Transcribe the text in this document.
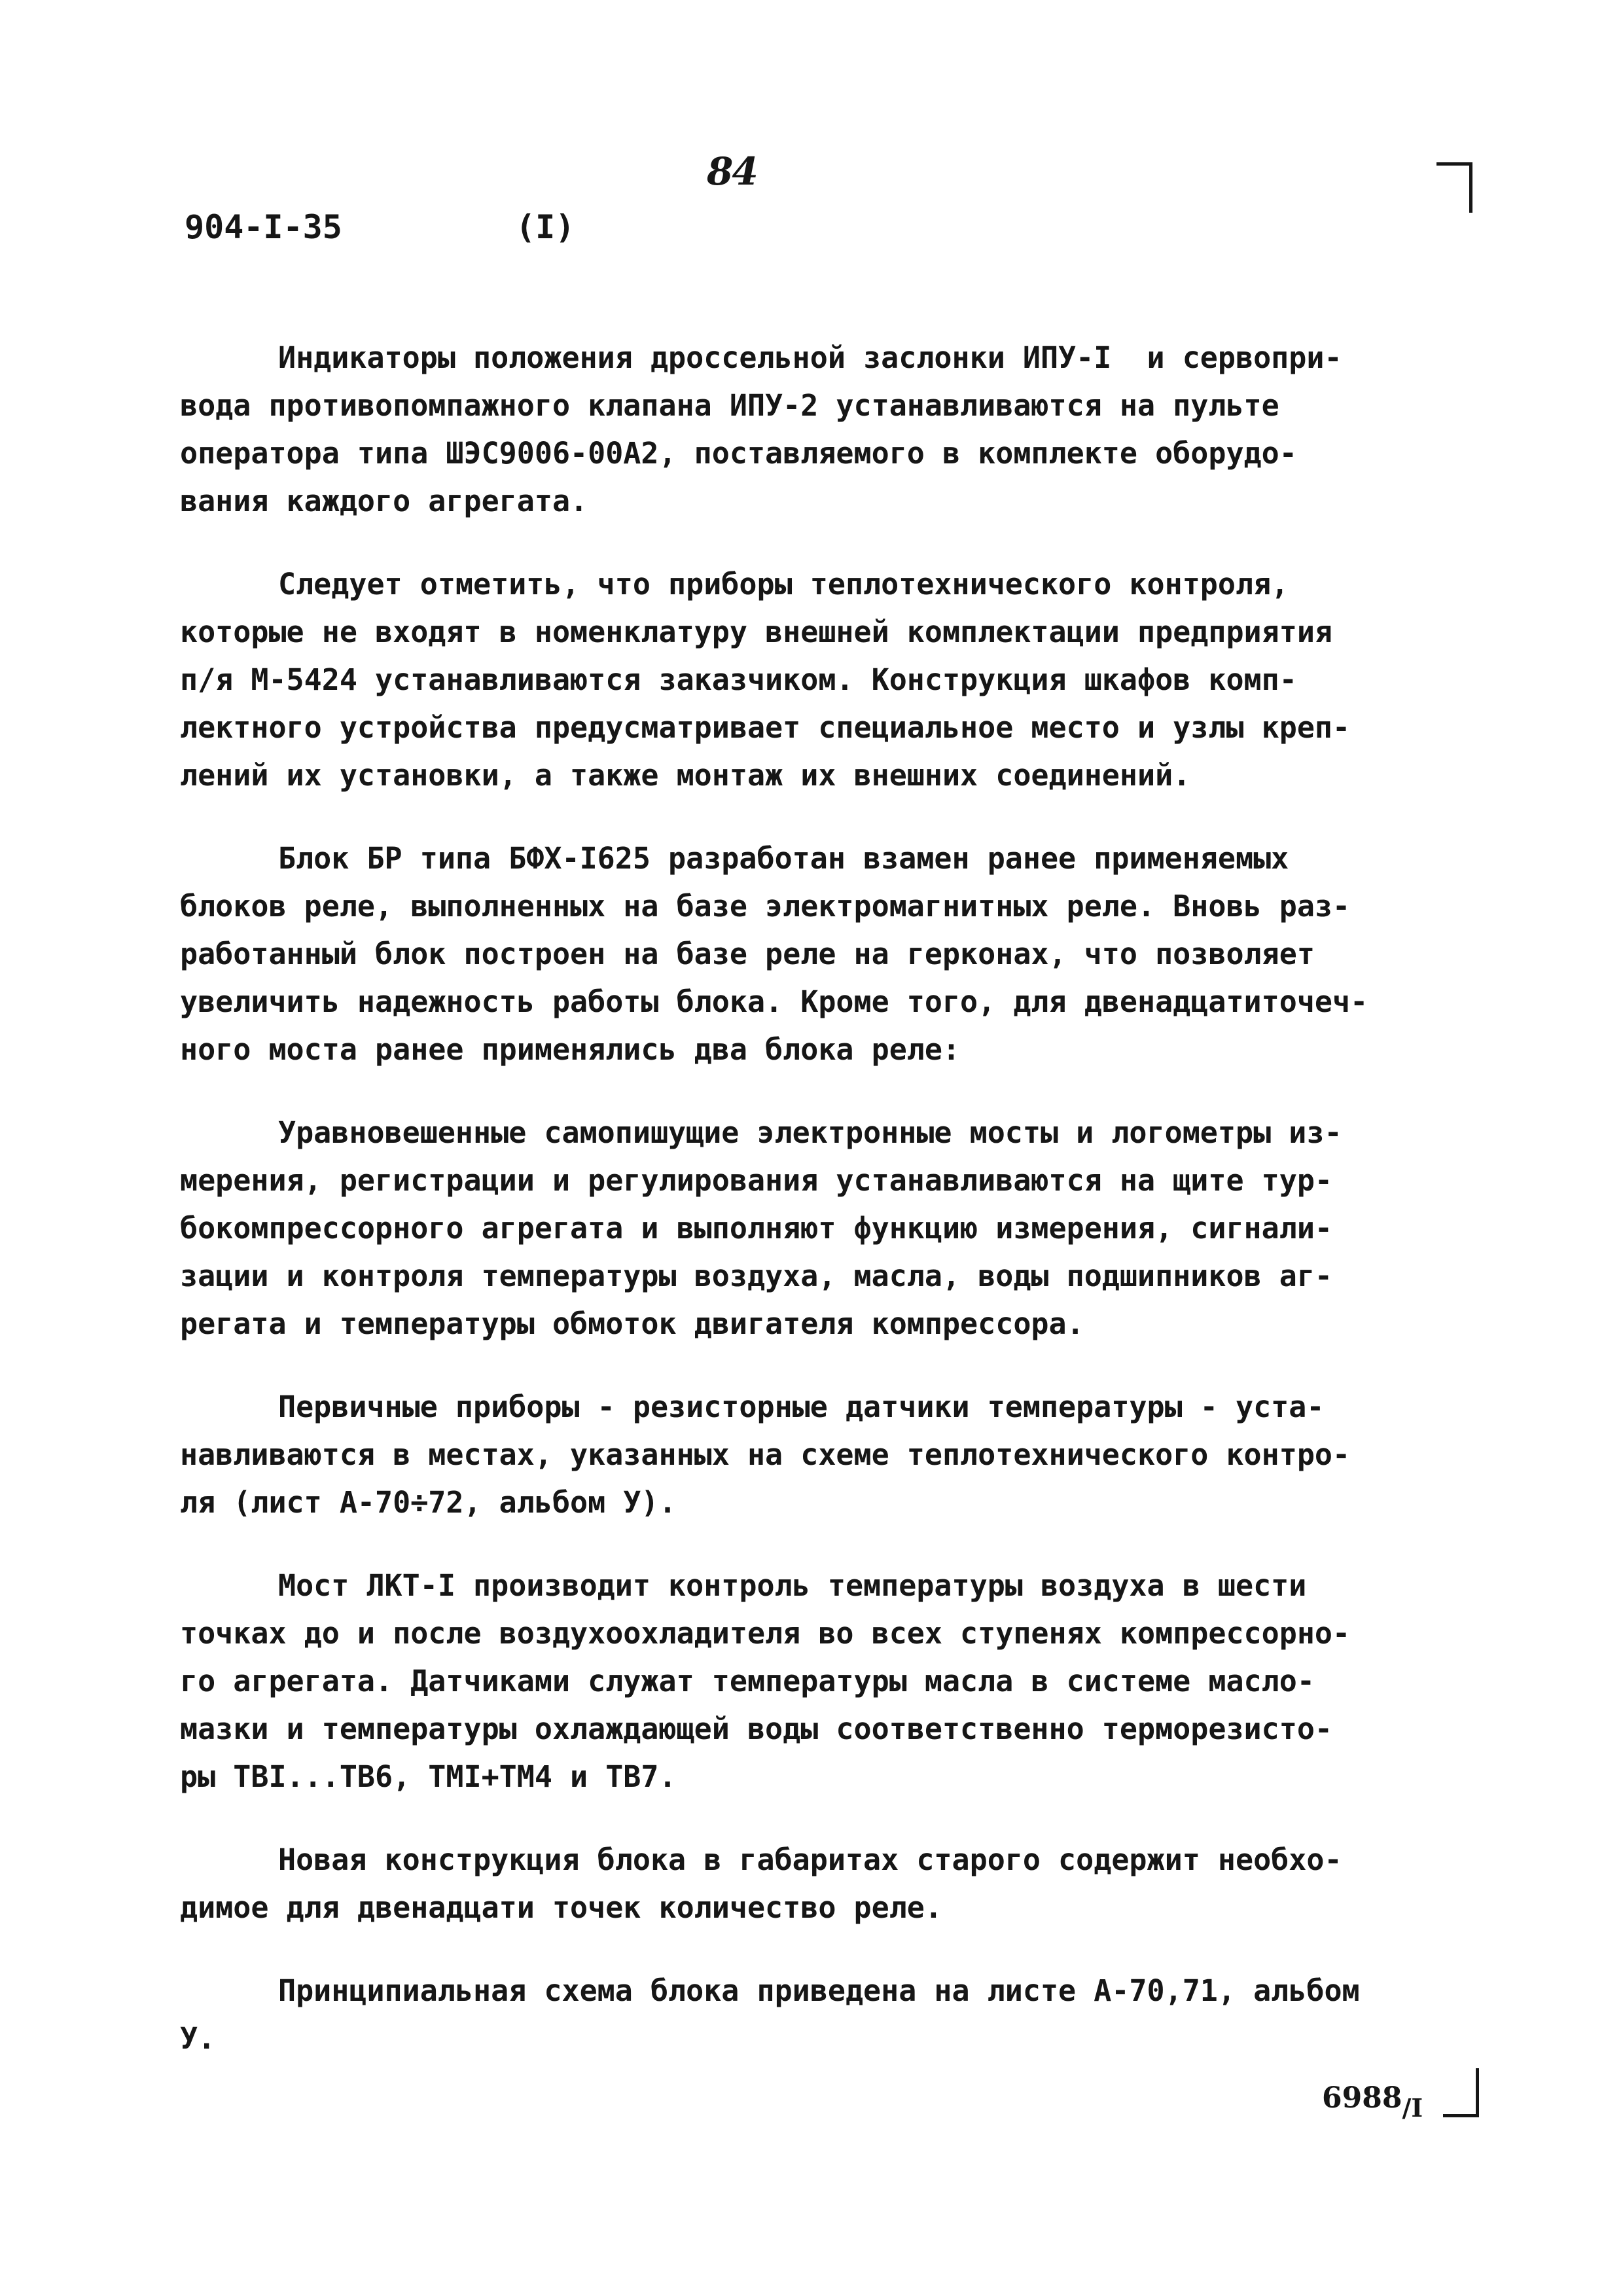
84
904-I-35	(I)
Индикаторы положения дроссельной заслонки ИПУ-I  и сервопри-
вода противопомпажного клапана ИПУ-2 устанавливаются на пульте
оператора типа ШЭС9006-00А2, поставляемого в комплекте оборудо-
вания каждого агрегата.
Следует отметить, что приборы теплотехнического контроля,
которые не входят в номенклатуру внешней комплектации предприятия
п/я М-5424 устанавливаются заказчиком. Конструкция шкафов комп-
лектного устройства предусматривает специальное место и узлы креп-
лений их установки, а также монтаж их внешних соединений.
Блок БР типа БФХ-I625 разработан взамен ранее применяемых
блоков реле, выполненных на базе электромагнитных реле. Вновь раз-
работанный блок построен на базе реле на герконах, что позволяет
увеличить надежность работы блока. Кроме того, для двенадцатиточеч-
ного моста ранее применялись два блока реле:
Уравновешенные самопишущие электронные мосты и логометры из-
мерения, регистрации и регулирования устанавливаются на щите тур-
бокомпрессорного агрегата и выполняют функцию измерения, сигнали-
зации и контроля температуры воздуха, масла, воды подшипников аг-
регата и температуры обмоток двигателя компрессора.
Первичные приборы - резисторные датчики температуры - уста-
навливаются в местах, указанных на схеме теплотехнического контро-
ля (лист А-70÷72, альбом У).
Мост ЛКТ-I производит контроль температуры воздуха в шести
точках до и после воздухоохладителя во всех ступенях компрессорно-
го агрегата. Датчиками служат температуры масла в системе масло-
мазки и температуры охлаждающей воды соответственно терморезисто-
ры ТВI...ТВ6, ТМI+ТМ4 и ТВ7.
Новая конструкция блока в габаритах старого содержит необхо-
димое для двенадцати точек количество реле.
Принципиальная схема блока приведена на листе А-70,71, альбом
У.
6988/I
